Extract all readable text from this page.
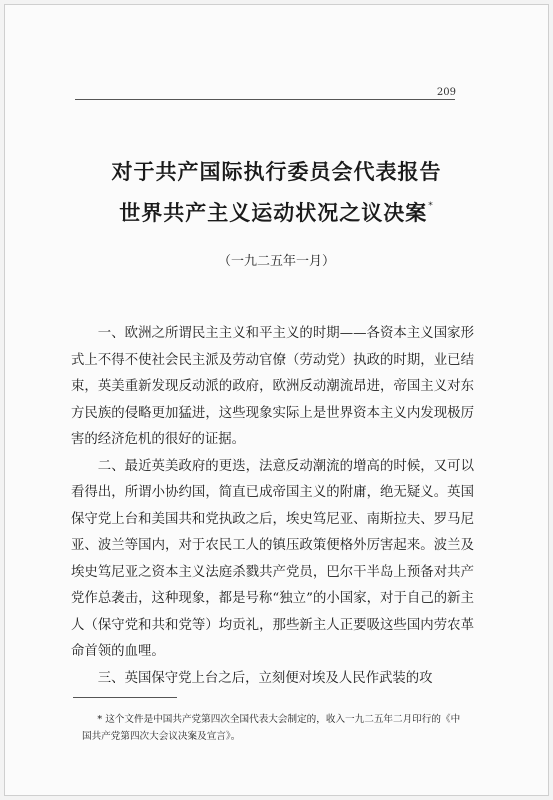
209
对于共产国际执行委员会代表报告
世界共产主义运动状况之议决案*
（一九二五年一月）

一、欧洲之所谓民主主义和平主义的时期——各资本主义国家形式上不得不使社会民主派及劳动官僚（劳动党）执政的时期，业已结束，英美重新发现反动派的政府，欧洲反动潮流昂进，帝国主义对东方民族的侵略更加猛进，这些现象实际上是世界资本主义内发现极厉害的经济危机的很好的证据。

二、最近英美政府的更迭，法意反动潮流的增高的时候，又可以看得出，所谓小协约国，简直已成帝国主义的附庸，绝无疑义。英国保守党上台和美国共和党执政之后，埃史笃尼亚、南斯拉夫、罗马尼亚、波兰等国内，对于农民工人的镇压政策便格外厉害起来。波兰及埃史笃尼亚之资本主义法庭杀戮共产党员，巴尔干半岛上预备对共产党作总袭击，这种现象，都是号称“独立”的小国家，对于自己的新主人（保守党和共和党等）均贡礼，那些新主人正要吸这些国内劳农革命首领的血哩。

三、英国保守党上台之后，立刻便对埃及人民作武装的攻

* 这个文件是中国共产党第四次全国代表大会制定的，收入一九二五年二月印行的《中国共产党第四次大会议决案及宣言》。
